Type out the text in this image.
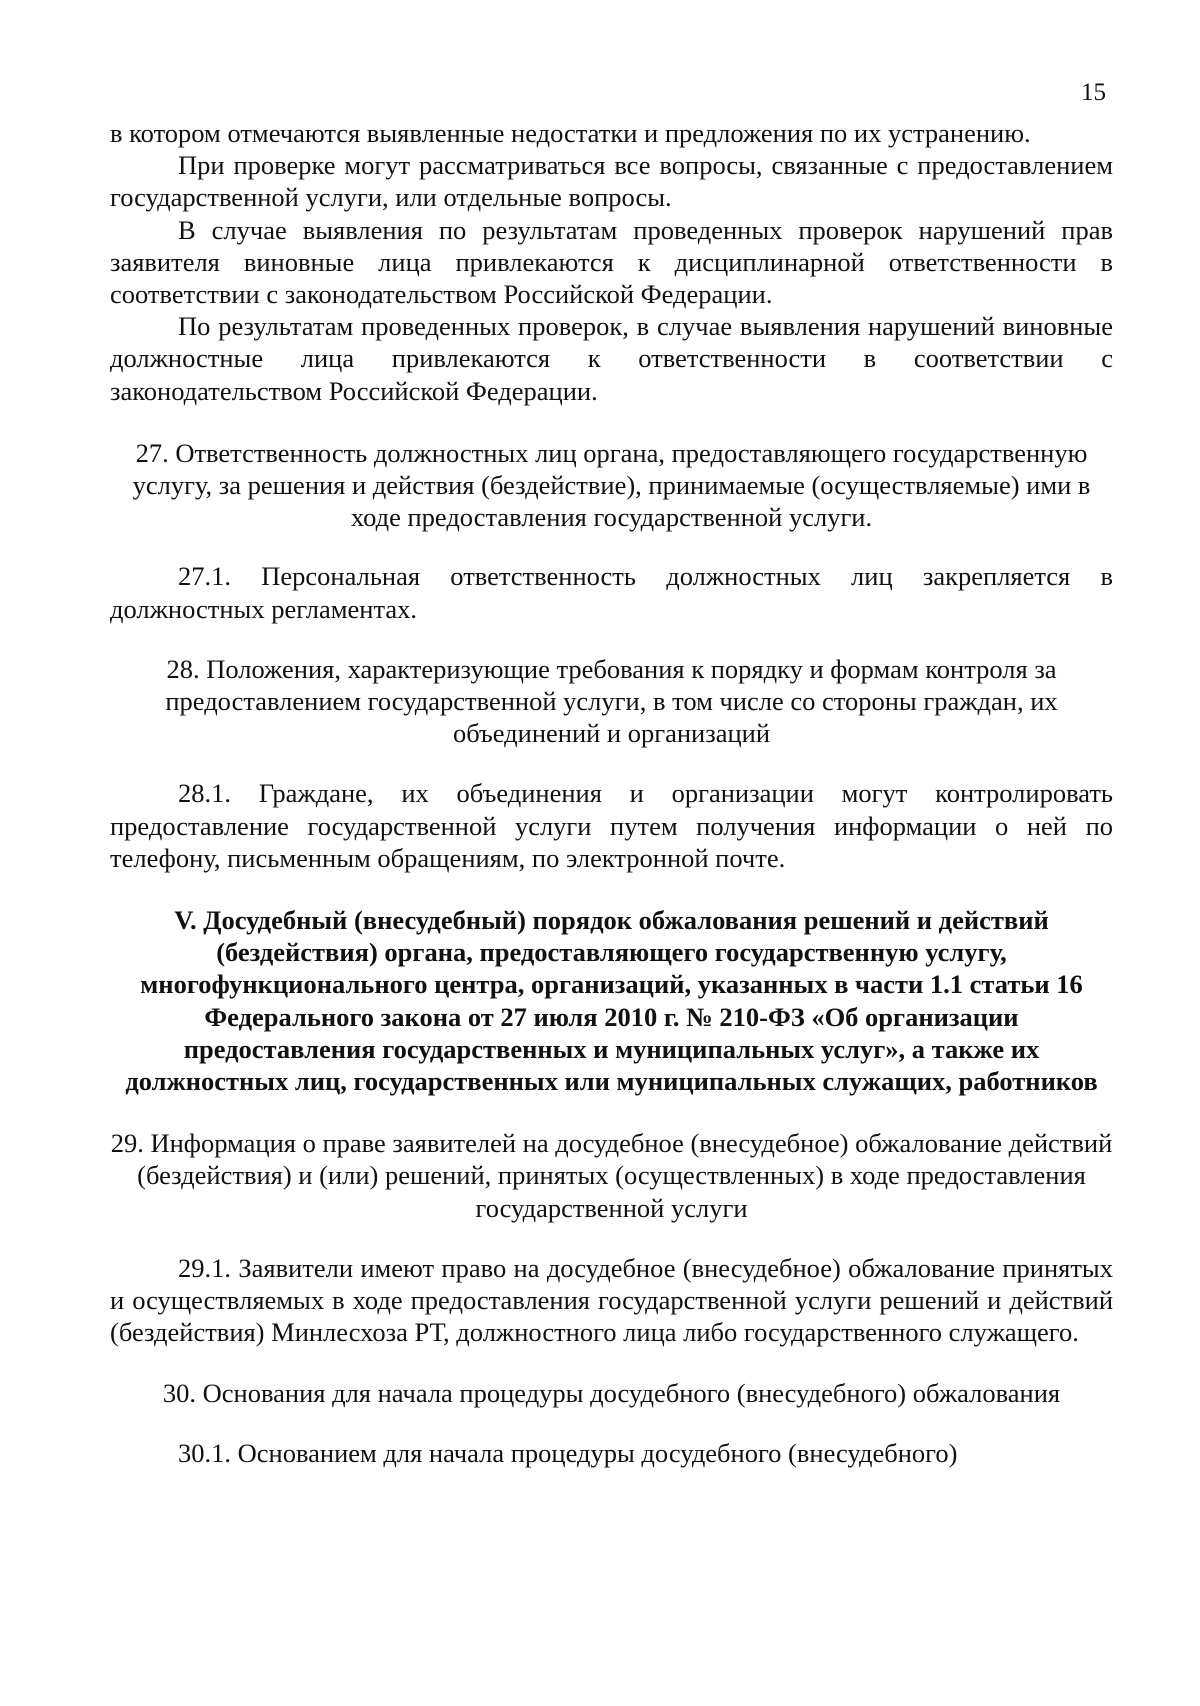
15

в котором отмечаются выявленные недостатки и предложения по их устранению.

При проверке могут рассматриваться все вопросы, связанные с предоставлением государственной услуги, или отдельные вопросы.

В случае выявления по результатам проведенных проверок нарушений прав заявителя виновные лица привлекаются к дисциплинарной ответственности в соответствии с законодательством Российской Федерации.

По результатам проведенных проверок, в случае выявления нарушений виновные должностные лица привлекаются к ответственности в соответствии с законодательством Российской Федерации.

27. Ответственность должностных лиц органа, предоставляющего государственную услугу, за решения и действия (бездействие), принимаемые (осуществляемые) ими в ходе предоставления государственной услуги.

27.1. Персональная ответственность должностных лиц закрепляется в должностных регламентах.

28. Положения, характеризующие требования к порядку и формам контроля за предоставлением государственной услуги, в том числе со стороны граждан, их объединений и организаций

28.1. Граждане, их объединения и организации могут контролировать предоставление государственной услуги путем получения информации о ней по телефону, письменным обращениям, по электронной почте.

V. Досудебный (внесудебный) порядок обжалования решений и действий (бездействия) органа, предоставляющего государственную услугу, многофункционального центра, организаций, указанных в части 1.1 статьи 16 Федерального закона от 27 июля 2010 г. № 210-ФЗ «Об организации предоставления государственных и муниципальных услуг», а также их должностных лиц, государственных или муниципальных служащих, работников

29. Информация о праве заявителей на досудебное (внесудебное) обжалование действий (бездействия) и (или) решений, принятых (осуществленных) в ходе предоставления государственной услуги

29.1. Заявители имеют право на досудебное (внесудебное) обжалование принятых и осуществляемых в ходе предоставления государственной услуги решений и действий (бездействия) Минлесхоза РТ, должностного лица либо государственного служащего.

30. Основания для начала процедуры досудебного (внесудебного) обжалования

30.1. Основанием для начала процедуры досудебного (внесудебного)
